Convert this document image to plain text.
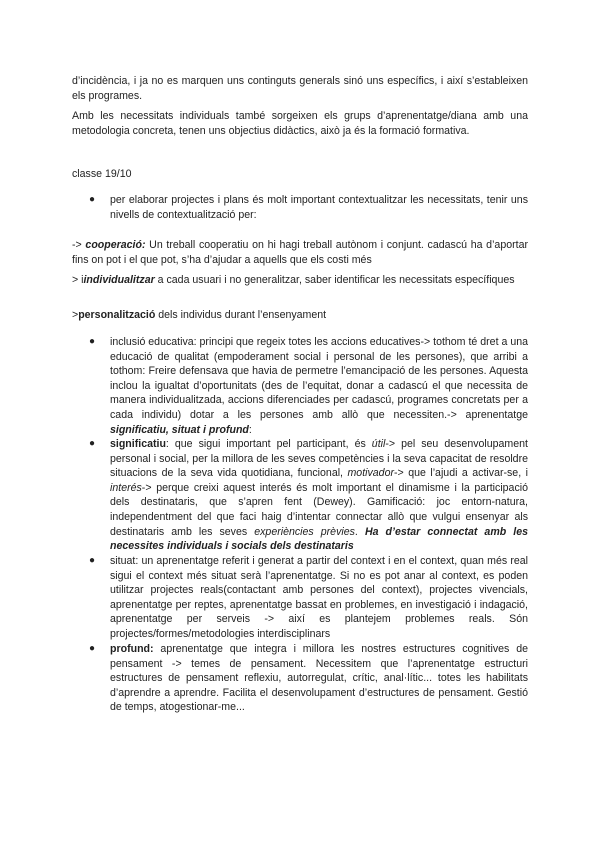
d’incidència, i ja no es marquen uns continguts generals sinó uns específics, i així s’estableixen els programes.

Amb les necessitats individuals també sorgeixen els grups d’aprenentatge/diana amb una metodologia concreta, tenen uns objectius didàctics, això ja és la formació formativa.

classe 19/10

● per elaborar projectes i plans és molt important contextualitzar les necessitats, tenir uns nivells de contextualització per:

-> cooperació: Un treball cooperatiu on hi hagi treball autònom i conjunt. cadascú ha d’aportar fins on pot i el que pot, s’ha d’ajudar a aquells que els costi més

> iindividualitzar a cada usuari i no generalitzar, saber identificar les necessitats específiques

>personalització dels individus durant l’ensenyament

● inclusió educativa: principi que regeix totes les accions educatives-> tothom té dret a una educació de qualitat (empoderament social i personal de les persones), que arribi a tothom: Freire defensava que havia de permetre l’emancipació de les persones. Aquesta inclou la igualtat d’oportunitats (des de l’equitat, donar a cadascú el que necessita de manera individualitzada, accions diferenciades per cadascú, programes concretats per a cada individu) dotar a les persones amb allò que necessiten.-> aprenentatge significatiu, situat i profund:
● significatiu: que sigui important pel participant, és útil-> pel seu desenvolupament personal i social, per la millora de les seves competències i la seva capacitat de resoldre situacions de la seva vida quotidiana, funcional, motivador-> que l’ajudi a activar-se, i interés-> perque creixi aquest interés és molt important el dinamisme i la participació dels destinataris, que s’apren fent (Dewey). Gamificació: joc entorn-natura, independentment del que faci haig d’intentar connectar allò que vulgui ensenyar als destinataris amb les seves experiències prèvies. Ha d’estar connectat amb les necessites individuals i socials dels destinataris
● situat: un aprenentatge referit i generat a partir del context i en el context, quan més real sigui el context més situat serà l’aprenentatge. Si no es pot anar al context, es poden utilitzar projectes reals(contactant amb persones del context), projectes vivencials, aprenentatge per reptes, aprenentatge bassat en problemes, en investigació i indagació, aprenentatge per serveis -> així es plantejem problemes reals. Són projectes/formes/metodologies interdisciplinars
● profund: aprenentatge que integra i millora les nostres estructures cognitives de pensament -> temes de pensament. Necessitem que l’aprenentatge estructuri estructures de pensament reflexiu, autorregulat, crític, anal·lític... totes les habilitats d’aprendre a aprendre. Facilita el desenvolupament d’estructures de pensament. Gestió de temps, atogestionar-me...
